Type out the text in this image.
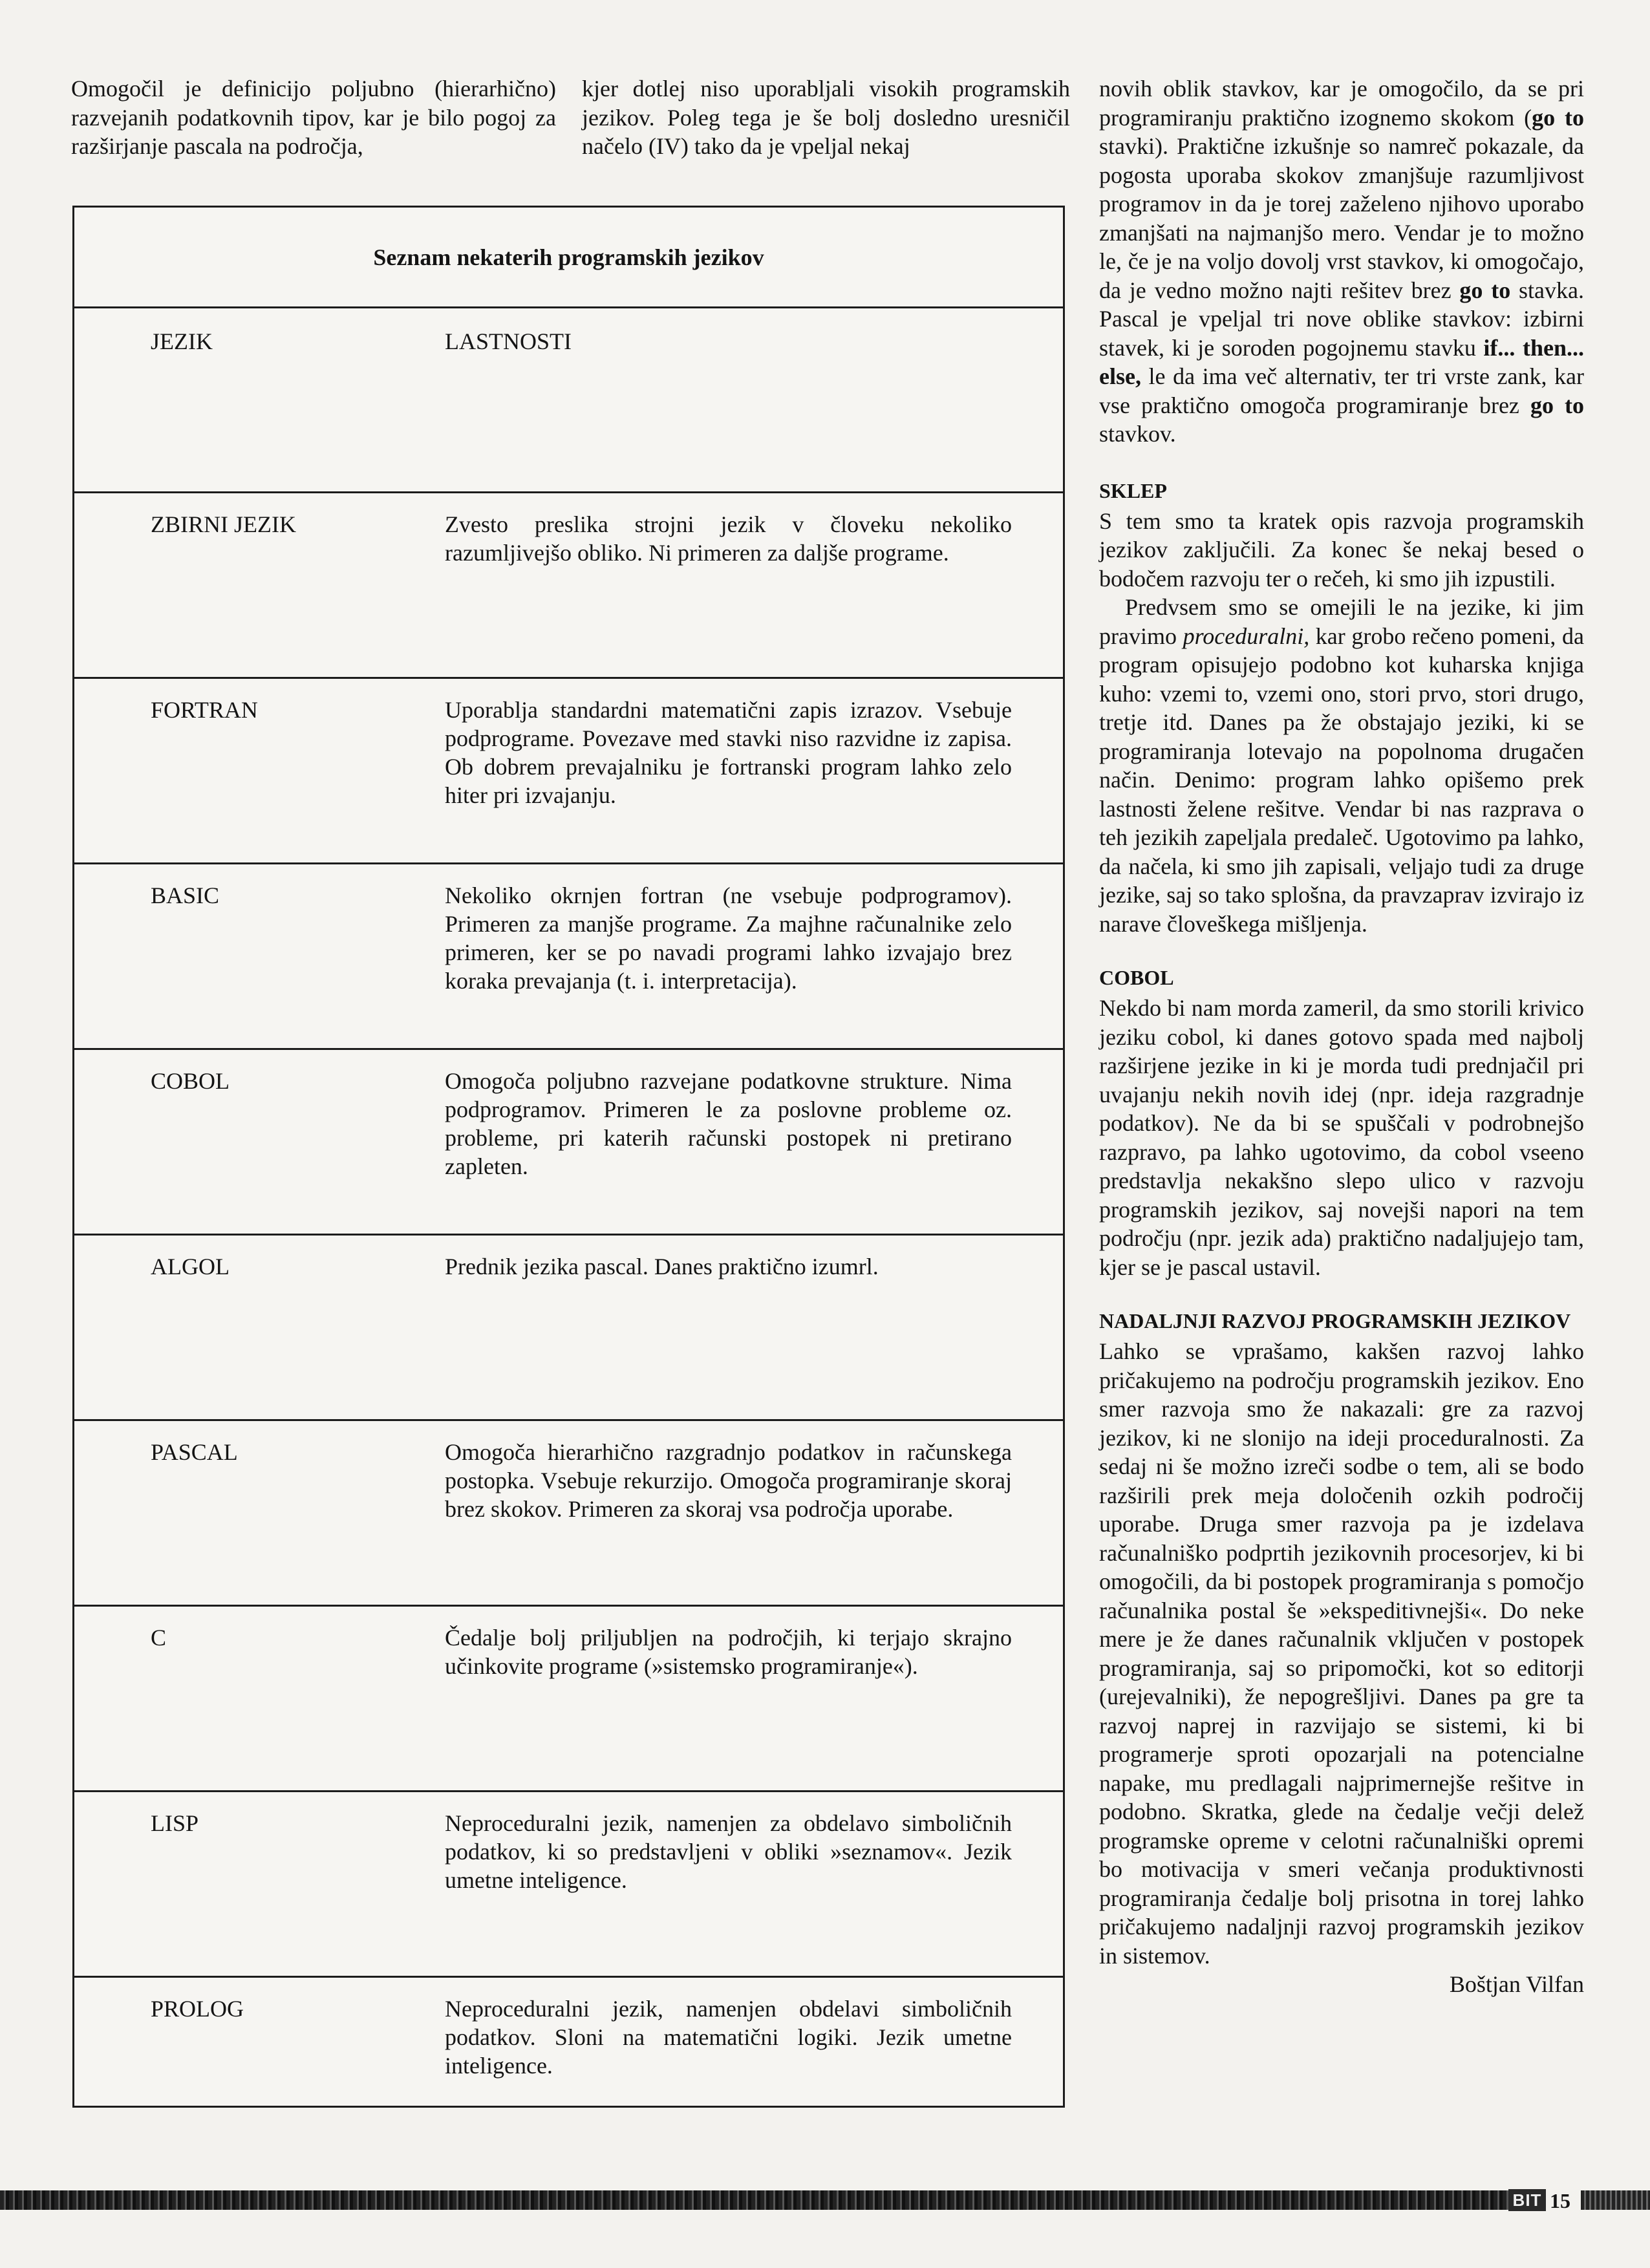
Omogočil je definicijo poljubno (hierarhično) razvejanih podatkovnih tipov, kar je bilo pogoj za razširjanje pascala na področja,

kjer dotlej niso uporabljali visokih programskih jezikov. Poleg tega je še bolj dosledno uresničil načelo (IV) tako da je vpeljal nekaj

Seznam nekaterih programskih jezikov
JEZIK	LASTNOSTI
ZBIRNI JEZIK	Zvesto preslika strojni jezik v človeku nekoliko razumljivejšo obliko. Ni primeren za daljše programe.
FORTRAN	Uporablja standardni matematični zapis izrazov. Vsebuje podprograme. Povezave med stavki niso razvidne iz zapisa. Ob dobrem prevajalniku je fortranski program lahko zelo hiter pri izvajanju.
BASIC	Nekoliko okrnjen fortran (ne vsebuje podprogramov). Primeren za manjše programe. Za majhne računalnike zelo primeren, ker se po navadi programi lahko izvajajo brez koraka prevajanja (t. i. interpretacija).
COBOL	Omogoča poljubno razvejane podatkovne strukture. Nima podprogramov. Primeren le za poslovne probleme oz. probleme, pri katerih računski postopek ni pretirano zapleten.
ALGOL	Prednik jezika pascal. Danes praktično izumrl.
PASCAL	Omogoča hierarhično razgradnjo podatkov in računskega postopka. Vsebuje rekurzijo. Omogoča programiranje skoraj brez skokov. Primeren za skoraj vsa področja uporabe.
C	Čedalje bolj priljubljen na področjih, ki terjajo skrajno učinkovite programe (»sistemsko programiranje«).
LISP	Neproceduralni jezik, namenjen za obdelavo simboličnih podatkov, ki so predstavljeni v obliki »seznamov«. Jezik umetne inteligence.
PROLOG	Neproceduralni jezik, namenjen obdelavi simboličnih podatkov. Sloni na matematični logiki. Jezik umetne inteligence.

novih oblik stavkov, kar je omogočilo, da se pri programiranju praktično izognemo skokom (go to stavki). Praktične izkušnje so namreč pokazale, da pogosta uporaba skokov zmanjšuje razumljivost programov in da je torej zaželeno njihovo uporabo zmanjšati na najmanjšo mero. Vendar je to možno le, če je na voljo dovolj vrst stavkov, ki omogočajo, da je vedno možno najti rešitev brez go to stavka. Pascal je vpeljal tri nove oblike stavkov: izbirni stavek, ki je soroden pogojnemu stavku if... then... else, le da ima več alternativ, ter tri vrste zank, kar vse praktično omogoča programiranje brez go to stavkov.

SKLEP

S tem smo ta kratek opis razvoja programskih jezikov zaključili. Za konec še nekaj besed o bodočem razvoju ter o rečeh, ki smo jih izpustili.

Predvsem smo se omejili le na jezike, ki jim pravimo proceduralni, kar grobo rečeno pomeni, da program opisujejo podobno kot kuharska knjiga kuho: vzemi to, vzemi ono, stori prvo, stori drugo, tretje itd. Danes pa že obstajajo jeziki, ki se programiranja lotevajo na popolnoma drugačen način. Denimo: program lahko opišemo prek lastnosti želene rešitve. Vendar bi nas razprava o teh jezikih zapeljala predaleč. Ugotovimo pa lahko, da načela, ki smo jih zapisali, veljajo tudi za druge jezike, saj so tako splošna, da pravzaprav izvirajo iz narave človeškega mišljenja.

COBOL

Nekdo bi nam morda zameril, da smo storili krivico jeziku cobol, ki danes gotovo spada med najbolj razširjene jezike in ki je morda tudi prednjačil pri uvajanju nekih novih idej (npr. ideja razgradnje podatkov). Ne da bi se spuščali v podrobnejšo razpravo, pa lahko ugotovimo, da cobol vseeno predstavlja nekakšno slepo ulico v razvoju programskih jezikov, saj novejši napori na tem področju (npr. jezik ada) praktično nadaljujejo tam, kjer se je pascal ustavil.

NADALJNJI RAZVOJ PROGRAMSKIH JEZIKOV

Lahko se vprašamo, kakšen razvoj lahko pričakujemo na področju programskih jezikov. Eno smer razvoja smo že nakazali: gre za razvoj jezikov, ki ne slonijo na ideji proceduralnosti. Za sedaj ni še možno izreči sodbe o tem, ali se bodo razširili prek meja določenih ozkih področij uporabe. Druga smer razvoja pa je izdelava računalniško podprtih jezikovnih procesorjev, ki bi omogočili, da bi postopek programiranja s pomočjo računalnika postal še »ekspeditivnejši«. Do neke mere je že danes računalnik vključen v postopek programiranja, saj so pripomočki, kot so editorji (urejevalniki), že nepogrešljivi. Danes pa gre ta razvoj naprej in razvijajo se sistemi, ki bi programerje sproti opozarjali na potencialne napake, mu predlagali najprimernejše rešitve in podobno. Skratka, glede na čedalje večji delež programske opreme v celotni računalniški opremi bo motivacija v smeri večanja produktivnosti programiranja čedalje bolj prisotna in torej lahko pričakujemo nadaljnji razvoj programskih jezikov in sistemov.

Boštjan Vilfan

BIT 15
